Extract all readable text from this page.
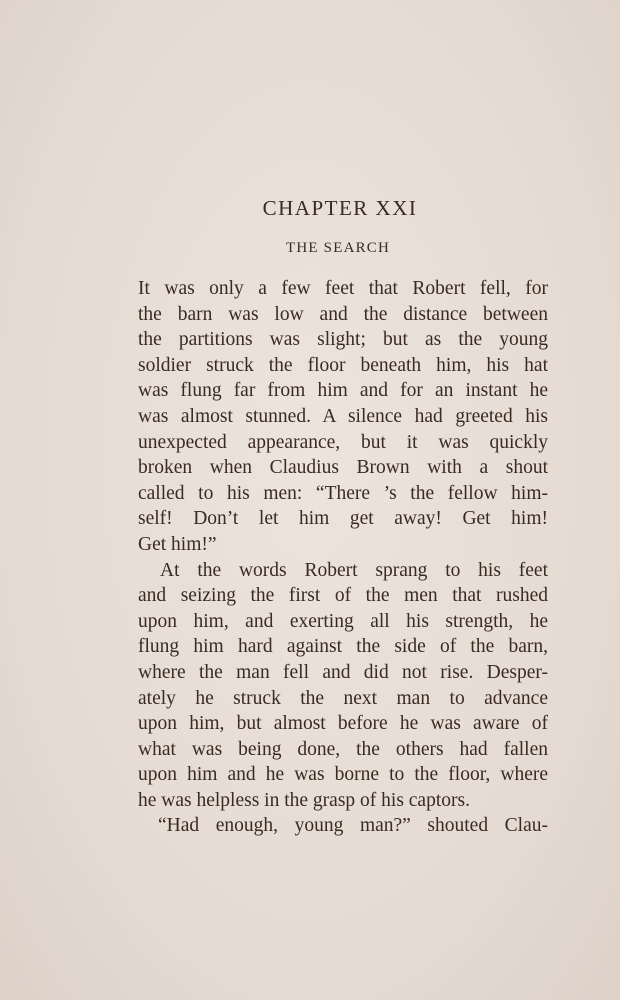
CHAPTER XXI
THE SEARCH
It was only a few feet that Robert fell, for
the barn was low and the distance between
the partitions was slight; but as the young
soldier struck the floor beneath him, his hat
was flung far from him and for an instant he
was almost stunned. A silence had greeted his
unexpected appearance, but it was quickly
broken when Claudius Brown with a shout
called to his men: “There ’s the fellow him-
self! Don’t let him get away! Get him!
Get him!”
At the words Robert sprang to his feet
and seizing the first of the men that rushed
upon him, and exerting all his strength, he
flung him hard against the side of the barn,
where the man fell and did not rise. Desper-
ately he struck the next man to advance
upon him, but almost before he was aware of
what was being done, the others had fallen
upon him and he was borne to the floor, where
he was helpless in the grasp of his captors.
“Had enough, young man?” shouted Clau-
